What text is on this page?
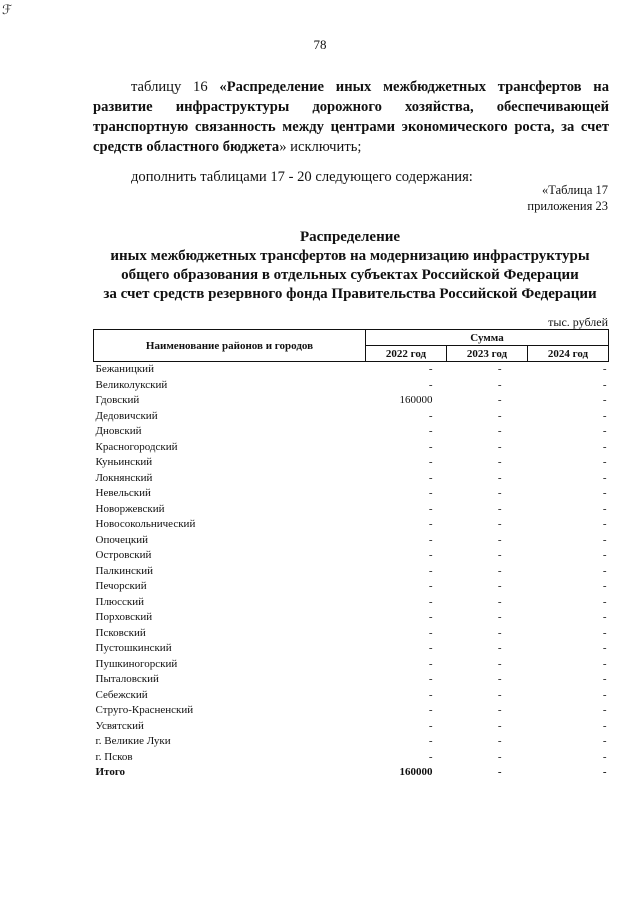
ℱ
78
таблицу 16 «Распределение иных межбюджетных трансфертов на развитие инфраструктуры дорожного хозяйства, обеспечивающей транспортную связанность между центрами экономического роста, за счет средств областного бюджета» исключить;
дополнить таблицами 17 - 20 следующего содержания:
«Таблица 17
приложения 23
Распределение
иных межбюджетных трансфертов на модернизацию инфраструктуры
общего образования в отдельных субъектах Российской Федерации
за счет средств резервного фонда Правительства Российской Федерации
тыс. рублей
Наименование районов и городов	Сумма		
	2022 год	2023 год	2024 год
Бежаницкий	-	-	-
Великолукский	-	-	-
Гдовский	160000	-	-
Дедовичский	-	-	-
Дновский	-	-	-
Красногородский	-	-	-
Куньинский	-	-	-
Локнянский	-	-	-
Невельский	-	-	-
Новоржевский	-	-	-
Новосокольнический	-	-	-
Опочецкий	-	-	-
Островский	-	-	-
Палкинский	-	-	-
Печорский	-	-	-
Плюсский	-	-	-
Порховский	-	-	-
Псковский	-	-	-
Пустошкинский	-	-	-
Пушкиногорский	-	-	-
Пыталовский	-	-	-
Себежский	-	-	-
Струго-Красненский	-	-	-
Усвятский	-	-	-
г. Великие Луки	-	-	-
г. Псков	-	-	-
Итого	160000	-	-
